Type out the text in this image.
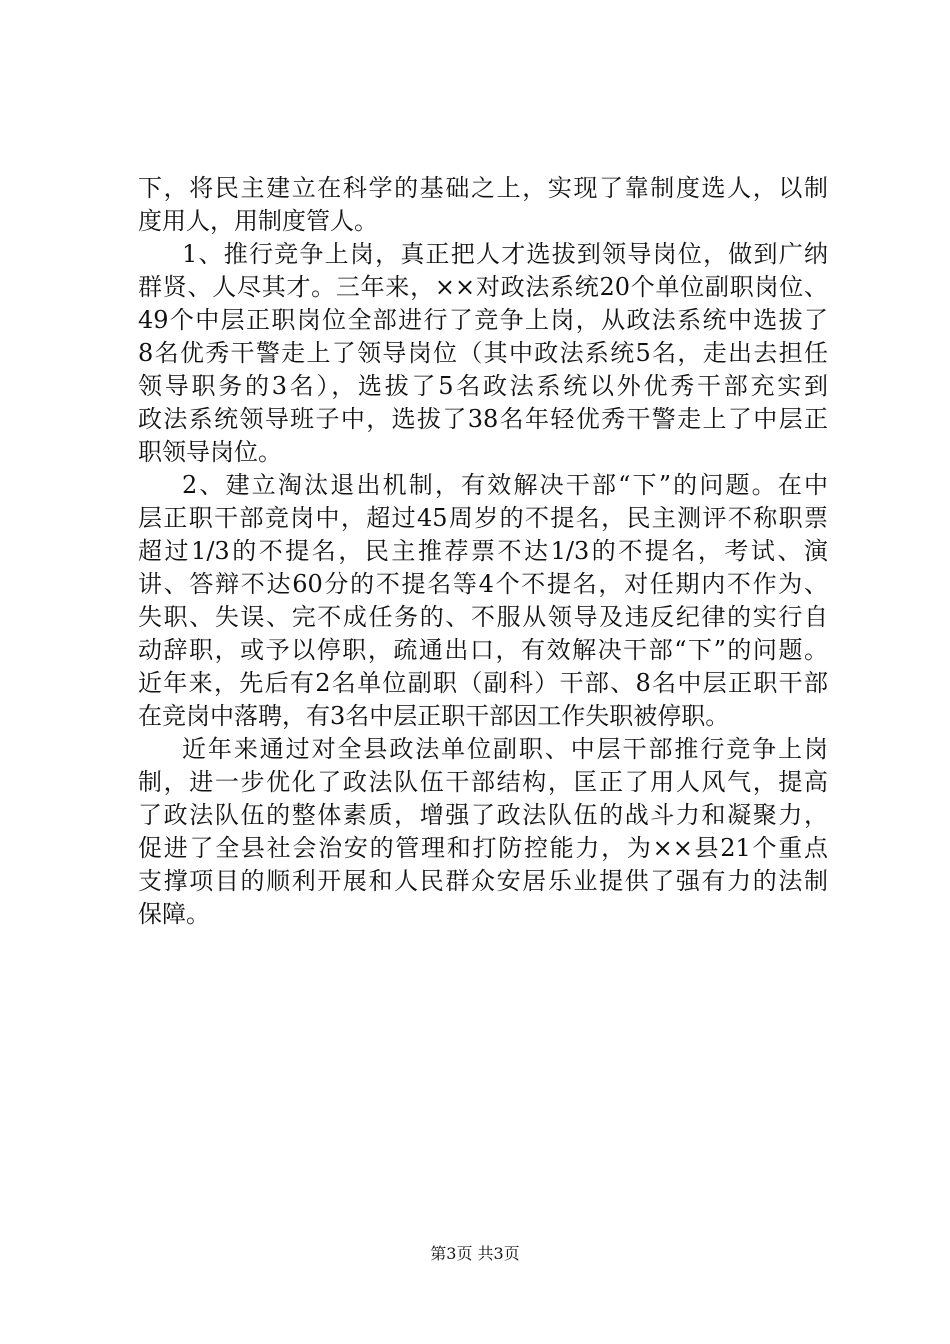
下，将民主建立在科学的基础之上，实现了靠制度选人，以制
度用人，用制度管人。
1、推行竞争上岗，真正把人才选拔到领导岗位，做到广纳
群贤、人尽其才。三年来，××对政法系统20个单位副职岗位、
49个中层正职岗位全部进行了竞争上岗，从政法系统中选拔了
8名优秀干警走上了领导岗位（其中政法系统5名，走出去担任
领导职务的3名），选拔了5名政法系统以外优秀干部充实到
政法系统领导班子中，选拔了38名年轻优秀干警走上了中层正
职领导岗位。
2、建立淘汰退出机制，有效解决干部“下”的问题。在中
层正职干部竞岗中，超过45周岁的不提名，民主测评不称职票
超过1/3的不提名，民主推荐票不达1/3的不提名，考试、演
讲、答辩不达60分的不提名等4个不提名，对任期内不作为、
失职、失误、完不成任务的、不服从领导及违反纪律的实行自
动辞职，或予以停职，疏通出口，有效解决干部“下”的问题。
近年来，先后有2名单位副职（副科）干部、8名中层正职干部
在竞岗中落聘，有3名中层正职干部因工作失职被停职。
近年来通过对全县政法单位副职、中层干部推行竞争上岗
制，进一步优化了政法队伍干部结构，匡正了用人风气，提高
了政法队伍的整体素质，增强了政法队伍的战斗力和凝聚力，
促进了全县社会治安的管理和打防控能力，为××县21个重点
支撑项目的顺利开展和人民群众安居乐业提供了强有力的法制
保障。
第3页 共3页
